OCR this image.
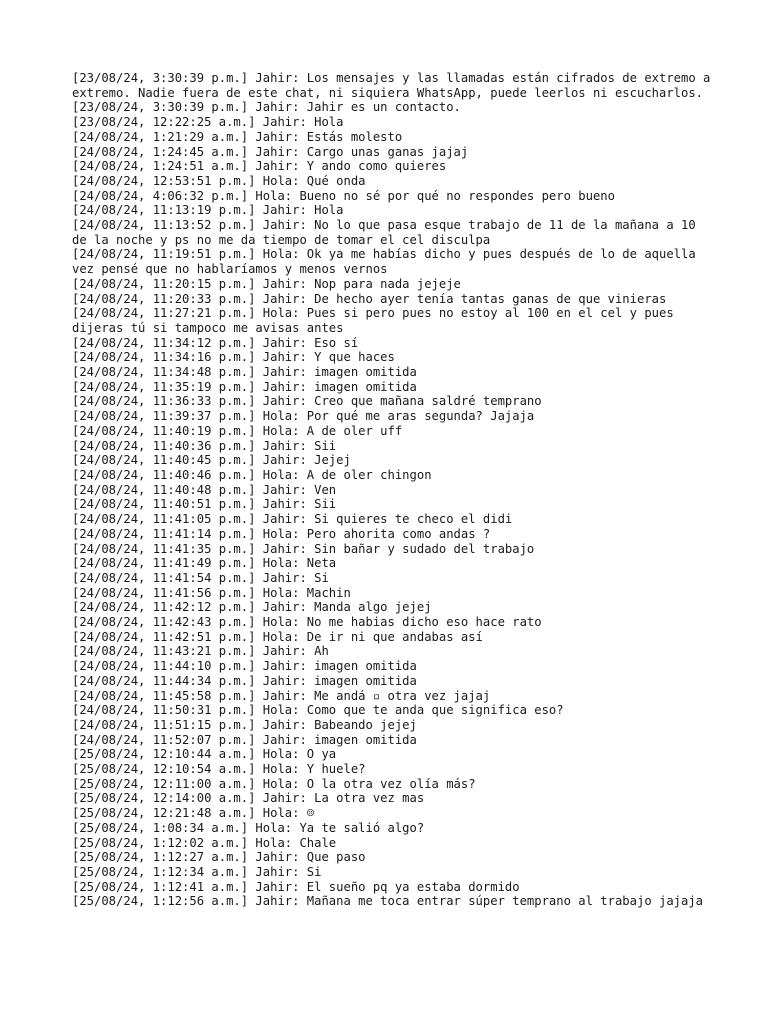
[23/08/24, 3:30:39 p.m.] Jahir: Los mensajes y las llamadas están cifrados de extremo a extremo. Nadie fuera de este chat, ni siquiera WhatsApp, puede leerlos ni escucharlos.
[23/08/24, 3:30:39 p.m.] Jahir: Jahir es un contacto.
[23/08/24, 12:22:25 a.m.] Jahir: Hola
[24/08/24, 1:21:29 a.m.] Jahir: Estás molesto
[24/08/24, 1:24:45 a.m.] Jahir: Cargo unas ganas jajaj
[24/08/24, 1:24:51 a.m.] Jahir: Y ando como quieres
[24/08/24, 12:53:51 p.m.] Hola: Qué onda
[24/08/24, 4:06:32 p.m.] Hola: Bueno no sé por qué no respondes pero bueno
[24/08/24, 11:13:19 p.m.] Jahir: Hola
[24/08/24, 11:13:52 p.m.] Jahir: No lo que pasa esque trabajo de 11 de la mañana a 10 de la noche y ps no me da tiempo de tomar el cel disculpa
[24/08/24, 11:19:51 p.m.] Hola: Ok ya me habías dicho y pues después de lo de aquella vez pensé que no hablaríamos y menos vernos
[24/08/24, 11:20:15 p.m.] Jahir: Nop para nada jejeje
[24/08/24, 11:20:33 p.m.] Jahir: De hecho ayer tenía tantas ganas de que vinieras
[24/08/24, 11:27:21 p.m.] Hola: Pues si pero pues no estoy al 100 en el cel y pues dijeras tú si tampoco me avisas antes
[24/08/24, 11:34:12 p.m.] Jahir: Eso sí
[24/08/24, 11:34:16 p.m.] Jahir: Y que haces
[24/08/24, 11:34:48 p.m.] Jahir: imagen omitida
[24/08/24, 11:35:19 p.m.] Jahir: imagen omitida
[24/08/24, 11:36:33 p.m.] Jahir: Creo que mañana saldré temprano
[24/08/24, 11:39:37 p.m.] Hola: Por qué me aras segunda? Jajaja
[24/08/24, 11:40:19 p.m.] Hola: A de oler uff
[24/08/24, 11:40:36 p.m.] Jahir: Sii
[24/08/24, 11:40:45 p.m.] Jahir: Jejej
[24/08/24, 11:40:46 p.m.] Hola: A de oler chingon
[24/08/24, 11:40:48 p.m.] Jahir: Ven
[24/08/24, 11:40:51 p.m.] Jahir: Sii
[24/08/24, 11:41:05 p.m.] Jahir: Si quieres te checo el didi
[24/08/24, 11:41:14 p.m.] Hola: Pero ahorita como andas ?
[24/08/24, 11:41:35 p.m.] Jahir: Sin bañar y sudado del trabajo
[24/08/24, 11:41:49 p.m.] Hola: Neta
[24/08/24, 11:41:54 p.m.] Jahir: Si
[24/08/24, 11:41:56 p.m.] Hola: Machin
[24/08/24, 11:42:12 p.m.] Jahir: Manda algo jejej
[24/08/24, 11:42:43 p.m.] Hola: No me habias dicho eso hace rato
[24/08/24, 11:42:51 p.m.] Hola: De ir ni que andabas así
[24/08/24, 11:43:21 p.m.] Jahir: Ah
[24/08/24, 11:44:10 p.m.] Jahir: imagen omitida
[24/08/24, 11:44:34 p.m.] Jahir: imagen omitida
[24/08/24, 11:45:58 p.m.] Jahir: Me andá ▫ otra vez jajaj
[24/08/24, 11:50:31 p.m.] Hola: Como que te anda que significa eso?
[24/08/24, 11:51:15 p.m.] Jahir: Babeando jejej
[24/08/24, 11:52:07 p.m.] Jahir: imagen omitida
[25/08/24, 12:10:44 a.m.] Hola: O ya
[25/08/24, 12:10:54 a.m.] Hola: Y huele?
[25/08/24, 12:11:00 a.m.] Hola: O la otra vez olía más?
[25/08/24, 12:14:00 a.m.] Jahir: La otra vez mas
[25/08/24, 12:21:48 a.m.] Hola: ☹
[25/08/24, 1:08:34 a.m.] Hola: Ya te salió algo?
[25/08/24, 1:12:02 a.m.] Hola: Chale
[25/08/24, 1:12:27 a.m.] Jahir: Que paso
[25/08/24, 1:12:34 a.m.] Jahir: Si
[25/08/24, 1:12:41 a.m.] Jahir: El sueño pq ya estaba dormido
[25/08/24, 1:12:56 a.m.] Jahir: Mañana me toca entrar súper temprano al trabajo jajaja
